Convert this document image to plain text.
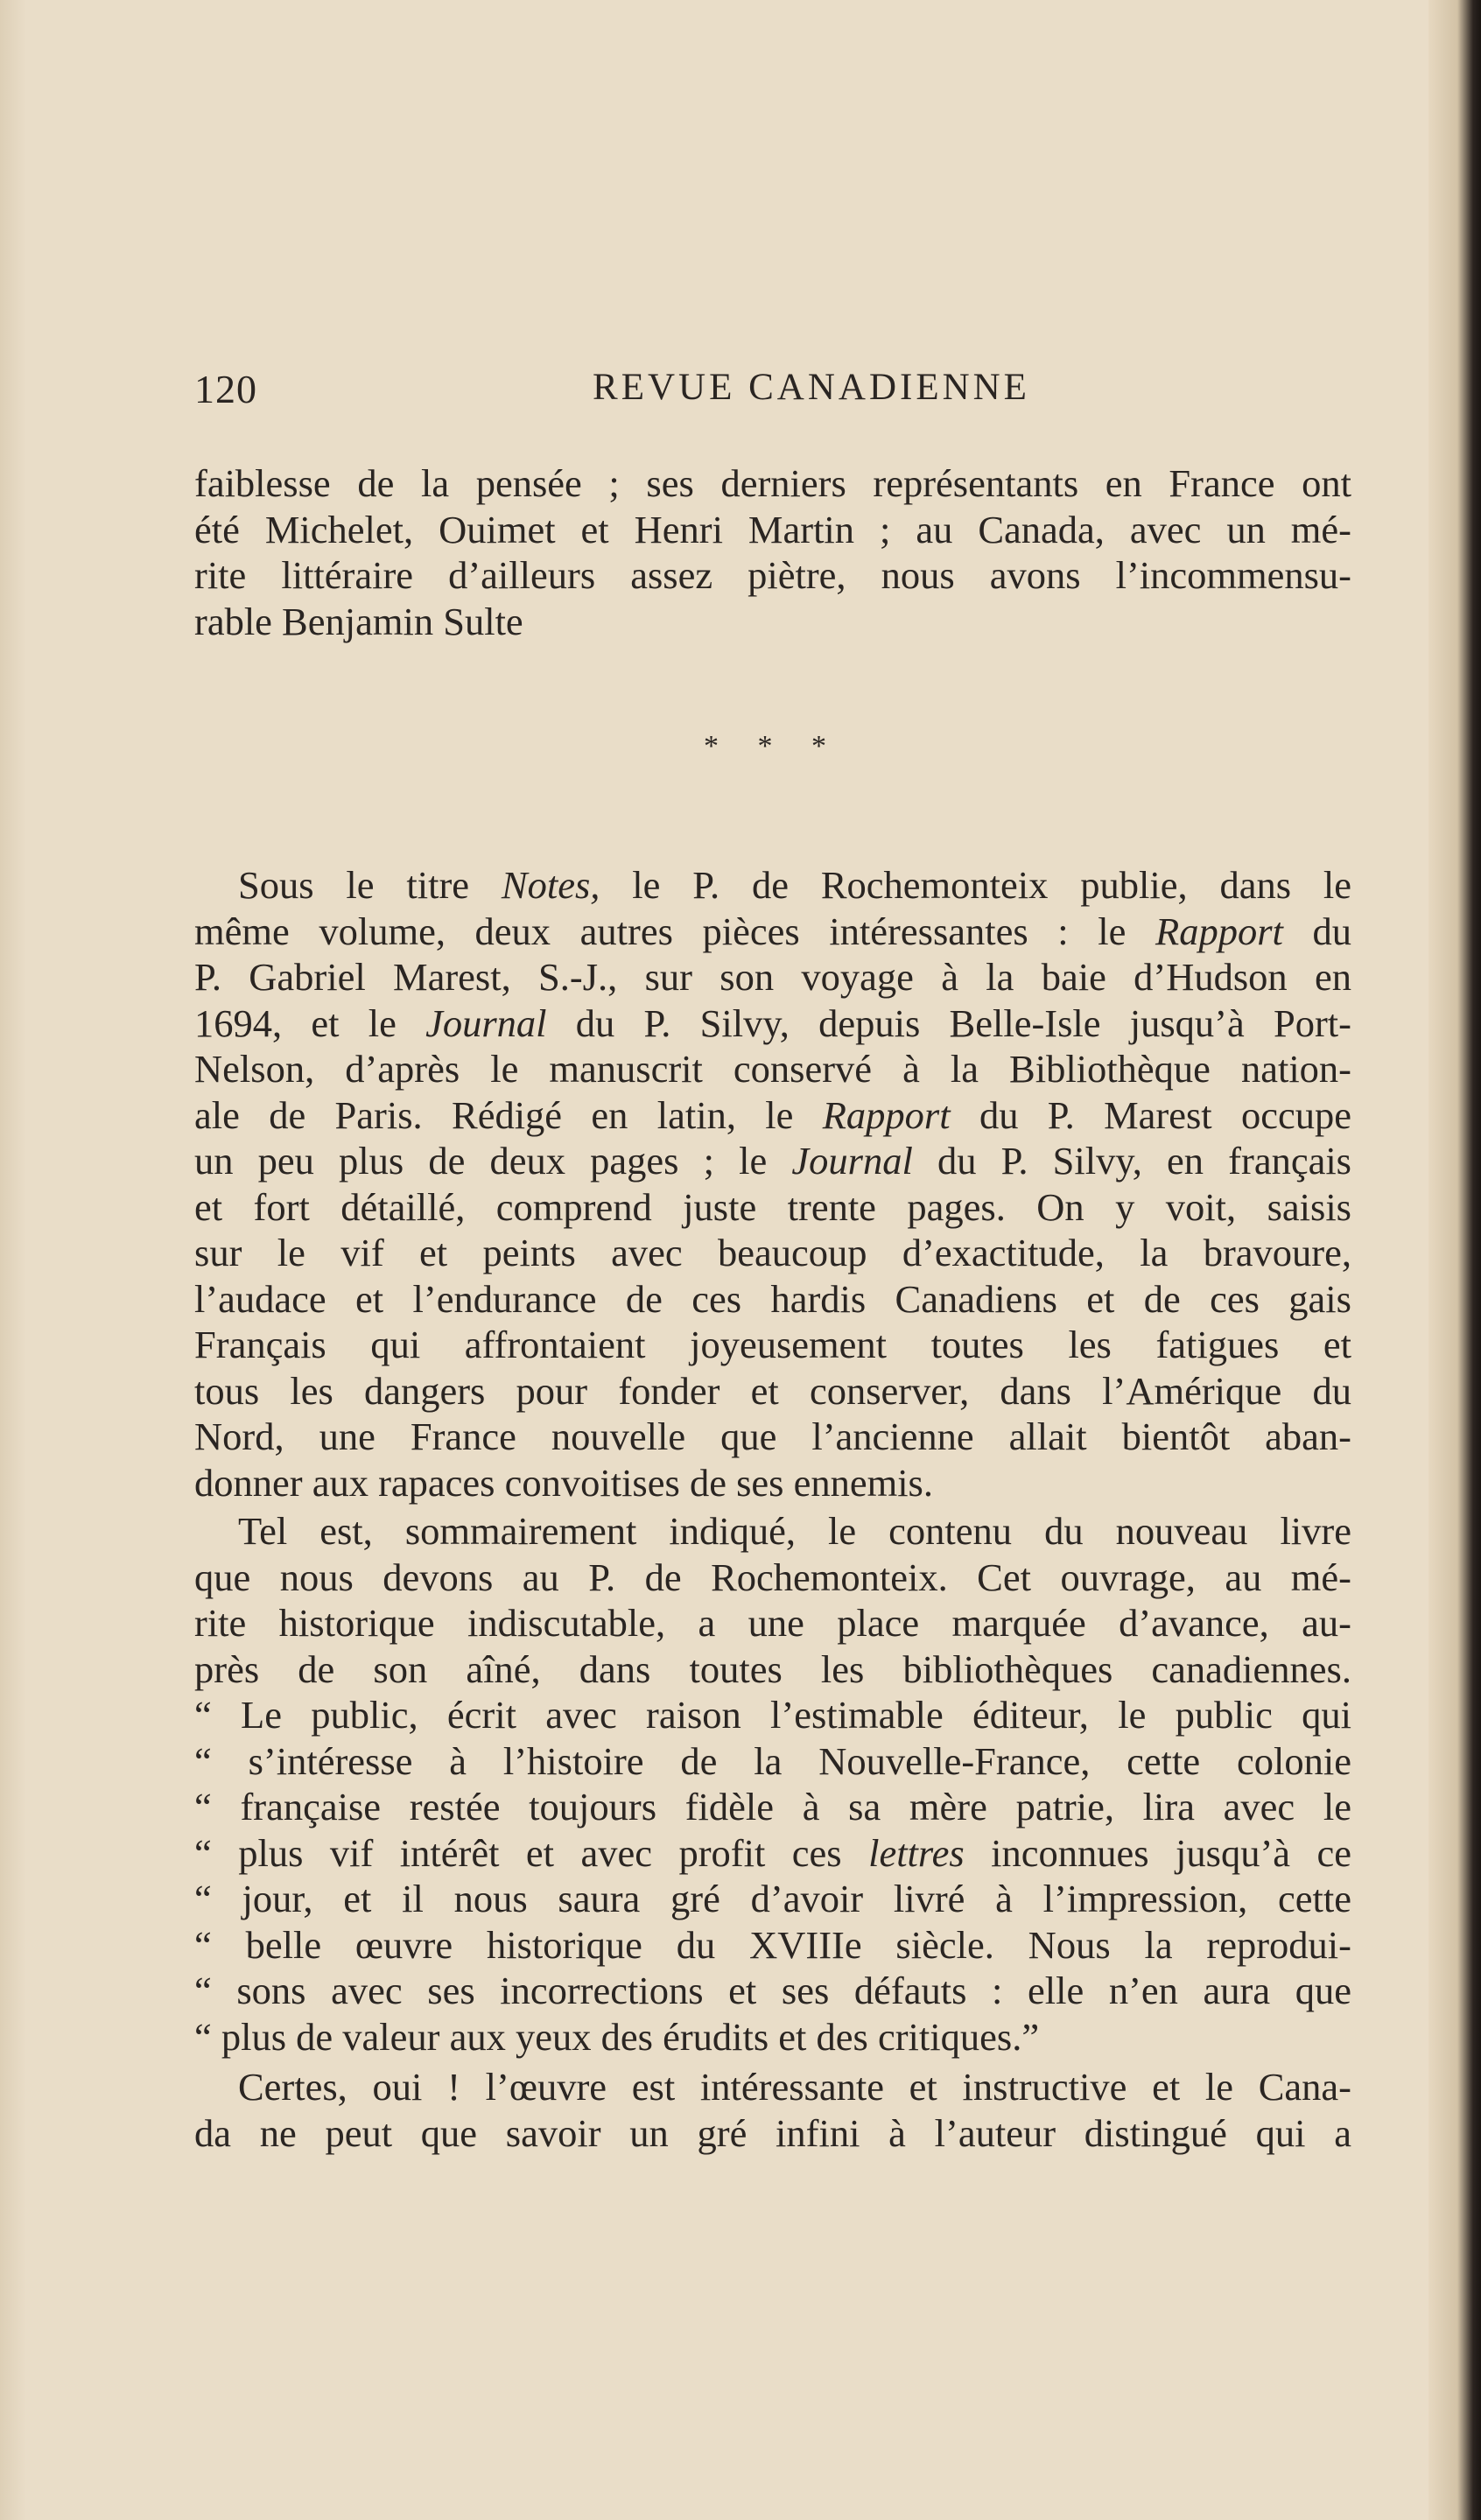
120	REVUE CANADIENNE
faiblesse de la pensée ; ses derniers représentants en France ont
été Michelet, Ouimet et Henri Martin ; au Canada, avec un mé-
rite littéraire d’ailleurs assez piètre, nous avons l’incommensu-
rable Benjamin Sulte
* * *
Sous le titre Notes, le P. de Rochemonteix publie, dans le
même volume, deux autres pièces intéressantes : le Rapport du
P. Gabriel Marest, S.-J., sur son voyage à la baie d’Hudson en
1694, et le Journal du P. Silvy, depuis Belle-Isle jusqu’à Port-
Nelson, d’après le manuscrit conservé à la Bibliothèque nation-
ale de Paris. Rédigé en latin, le Rapport du P. Marest occupe
un peu plus de deux pages ; le Journal du P. Silvy, en français
et fort détaillé, comprend juste trente pages. On y voit, saisis
sur le vif et peints avec beaucoup d’exactitude, la bravoure,
l’audace et l’endurance de ces hardis Canadiens et de ces gais
Français qui affrontaient joyeusement toutes les fatigues et
tous les dangers pour fonder et conserver, dans l’Amérique du
Nord, une France nouvelle que l’ancienne allait bientôt aban-
donner aux rapaces convoitises de ses ennemis.
Tel est, sommairement indiqué, le contenu du nouveau livre
que nous devons au P. de Rochemonteix. Cet ouvrage, au mé-
rite historique indiscutable, a une place marquée d’avance, au-
près de son aîné, dans toutes les bibliothèques canadiennes.
“ Le public, écrit avec raison l’estimable éditeur, le public qui
“ s’intéresse à l’histoire de la Nouvelle-France, cette colonie
“ française restée toujours fidèle à sa mère patrie, lira avec le
“ plus vif intérêt et avec profit ces lettres inconnues jusqu’à ce
“ jour, et il nous saura gré d’avoir livré à l’impression, cette
“ belle œuvre historique du XVIIIe siècle. Nous la reprodui-
“ sons avec ses incorrections et ses défauts : elle n’en aura que
“ plus de valeur aux yeux des érudits et des critiques.”
Certes, oui ! l’œuvre est intéressante et instructive et le Cana-
da ne peut que savoir un gré infini à l’auteur distingué qui a
